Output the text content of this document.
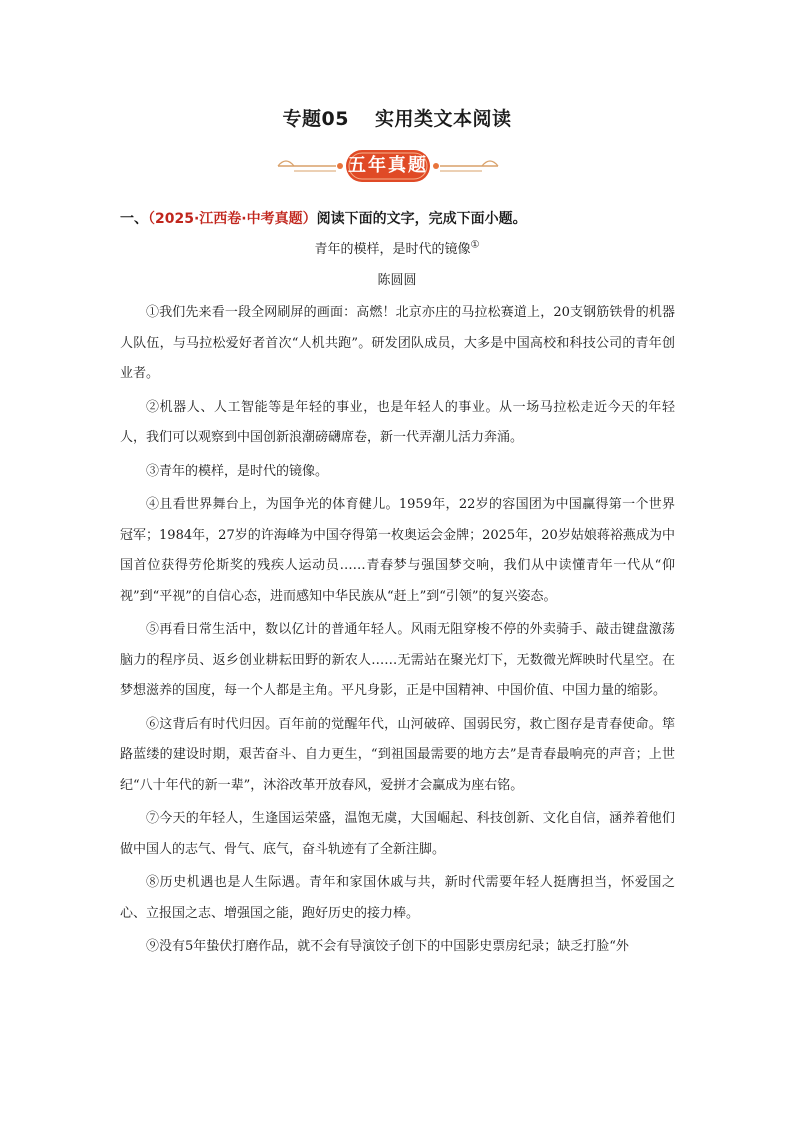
专题05 实用类文本阅读
五年真题
一、（2025·江西卷·中考真题）阅读下面的文字，完成下面小题。
青年的模样，是时代的镜像①
陈圆圆

①我们先来看一段全网刷屏的画面：高燃！北京亦庄的马拉松赛道上，20支钢筋铁骨的机器人队伍，与马拉松爱好者首次“人机共跑”。研发团队成员，大多是中国高校和科技公司的青年创业者。

②机器人、人工智能等是年轻的事业，也是年轻人的事业。从一场马拉松走近今天的年轻人，我们可以观察到中国创新浪潮磅礴席卷，新一代弄潮儿活力奔涌。

③青年的模样，是时代的镜像。

④且看世界舞台上，为国争光的体育健儿。1959年，22岁的容国团为中国赢得第一个世界冠军；1984年，27岁的许海峰为中国夺得第一枚奥运会金牌；2025年，20岁姑娘蒋裕燕成为中国首位获得劳伦斯奖的残疾人运动员……青春梦与强国梦交响，我们从中读懂青年一代从“仰视”到“平视”的自信心态，进而感知中华民族从“赶上”到“引领”的复兴姿态。

⑤再看日常生活中，数以亿计的普通年轻人。风雨无阻穿梭不停的外卖骑手、敲击键盘激荡脑力的程序员、返乡创业耕耘田野的新农人……无需站在聚光灯下，无数微光辉映时代星空。在梦想滋养的国度，每一个人都是主角。平凡身影，正是中国精神、中国价值、中国力量的缩影。

⑥这背后有时代归因。百年前的觉醒年代，山河破碎、国弱民穷，救亡图存是青春使命。筚路蓝缕的建设时期，艰苦奋斗、自力更生，“到祖国最需要的地方去”是青春最响亮的声音；上世纪“八十年代的新一辈”，沐浴改革开放春风，爱拼才会赢成为座右铭。

⑦今天的年轻人，生逢国运荣盛，温饱无虞，大国崛起、科技创新、文化自信，涵养着他们做中国人的志气、骨气、底气，奋斗轨迹有了全新注脚。

⑧历史机遇也是人生际遇。青年和家国休戚与共，新时代需要年轻人挺膺担当，怀爱国之心、立报国之志、增强国之能，跑好历史的接力棒。

⑨没有5年蛰伏打磨作品，就不会有导演饺子创下的中国影史票房纪录；缺乏打脸“外
